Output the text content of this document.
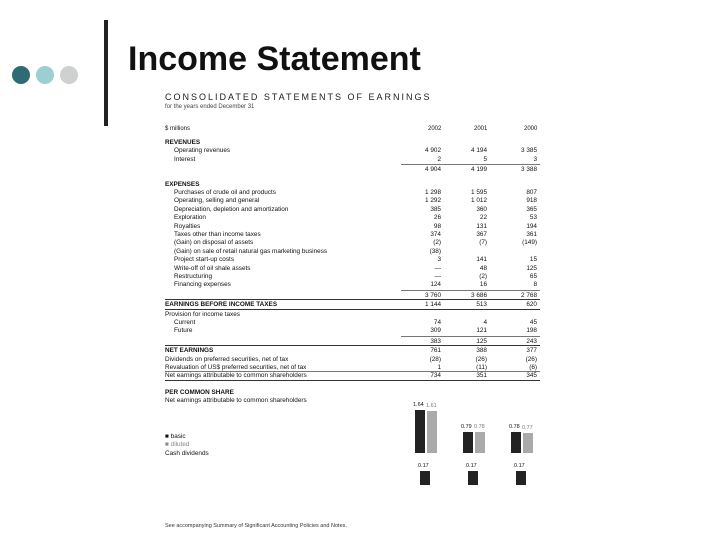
Income Statement
CONSOLIDATED STATEMENTS OF EARNINGS
for the years ended December 31
$ millions	2002	2001	2000
REVENUES
Operating revenues	4 902	4 194	3 385
Interest	2	5	3
4 904	4 199	3 388
EXPENSES
Purchases of crude oil and products	1 298	1 595	807
Operating, selling and general	1 292	1 012	918
Depreciation, depletion and amortization	385	360	365
Exploration	26	22	53
Royalties	98	131	194
Taxes other than income taxes	374	367	361
(Gain) on disposal of assets	(2)	(7)	(149)
(Gain) on sale of retail natural gas marketing business	(38)
Project start-up costs	3	141	15
Write-off of oil shale assets	—	48	125
Restructuring	—	(2)	65
Financing expenses	124	16	8
3 760	3 686	2 768
EARNINGS BEFORE INCOME TAXES	1 144	513	620
Provision for income taxes
Current	74	4	45
Future	309	121	198
383	125	243
NET EARNINGS	761	388	377
Dividends on preferred securities, net of tax	(28)	(26)	(26)
Revaluation of US$ preferred securities, net of tax	1	(11)	(6)
Net earnings attributable to common shareholders	734	351	345
PER COMMON SHARE
Net earnings attributable to common shareholders
1.64
0.79	0.78
1.61
0.78	0.77
■ basic
■ diluted
Cash dividends
0.17	0.17	0.17
See accompanying Summary of Significant Accounting Policies and Notes.
